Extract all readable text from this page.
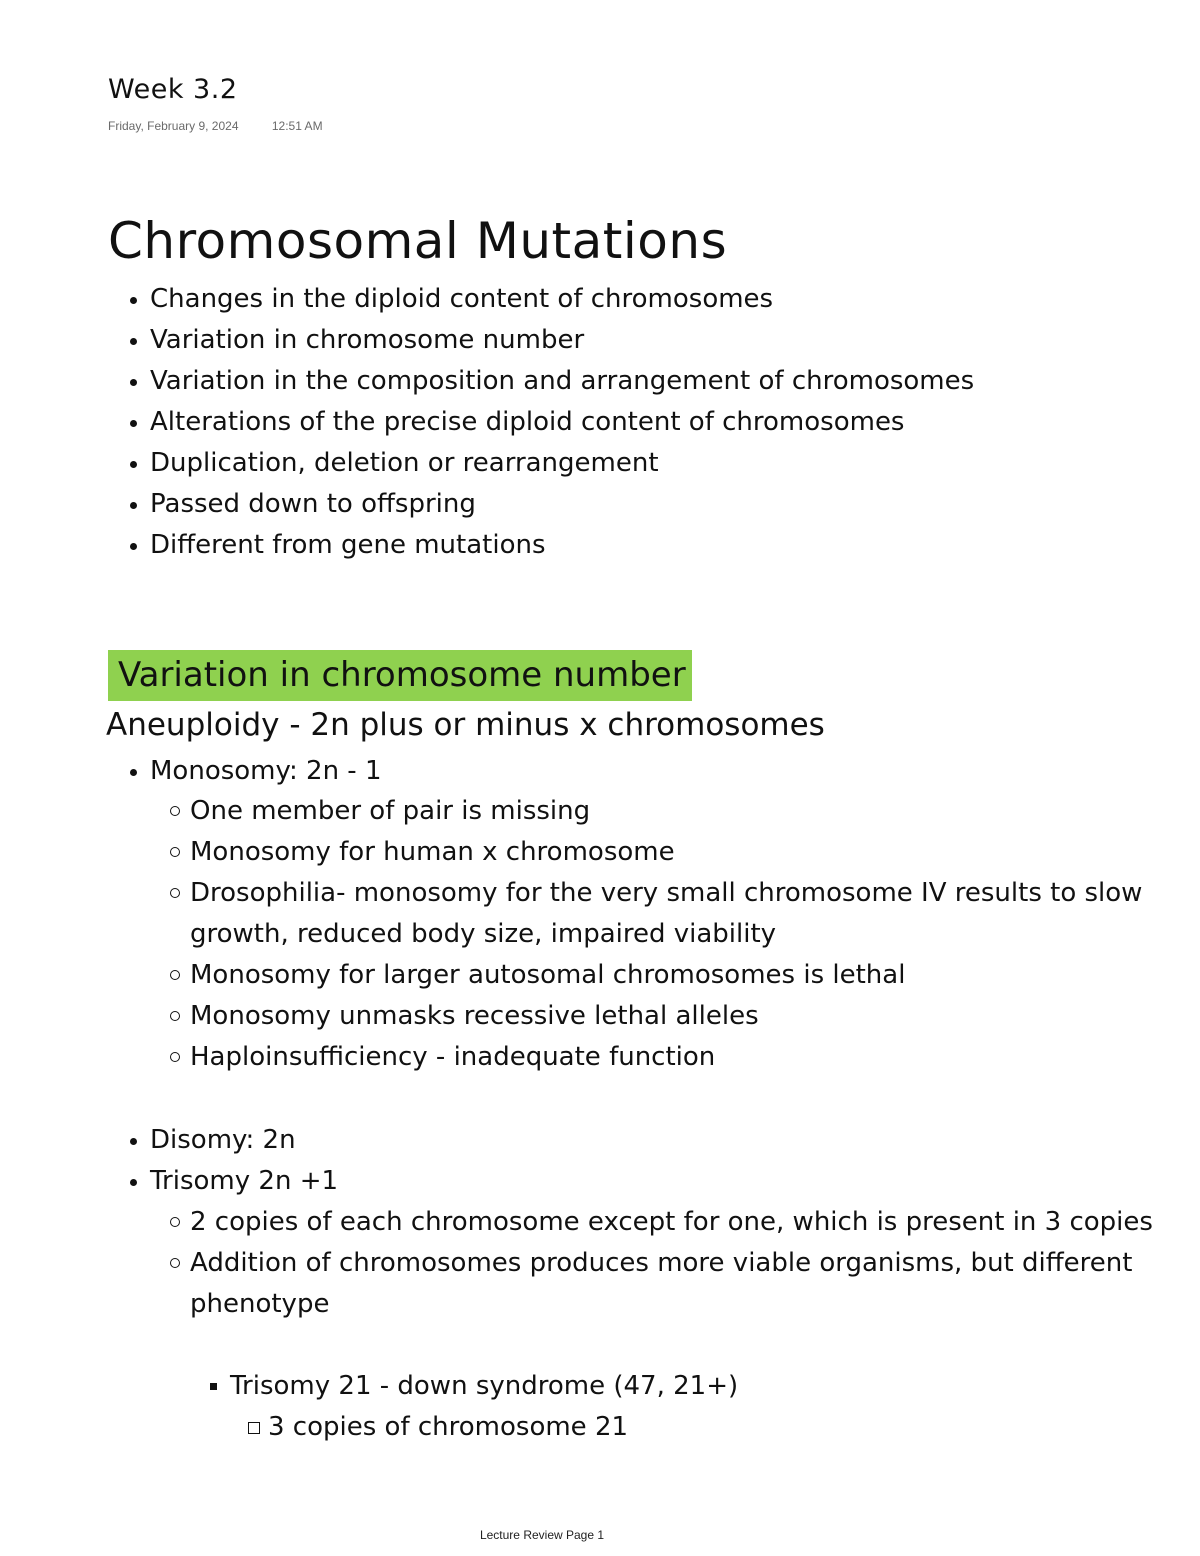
Week 3.2
Friday, February 9, 2024	12:51 AM
Chromosomal Mutations
Changes in the diploid content of chromosomes
Variation in chromosome number
Variation in the composition and arrangement of chromosomes
Alterations of the precise diploid content of chromosomes
Duplication, deletion or rearrangement
Passed down to offspring
Different from gene mutations
Variation in chromosome number
Aneuploidy - 2n plus or minus x chromosomes
Monosomy: 2n - 1
One member of pair is missing
Monosomy for human x chromosome
Drosophilia- monosomy for the very small chromosome IV results to slow growth, reduced body size, impaired viability
Monosomy for larger autosomal chromosomes is lethal
Monosomy unmasks recessive lethal alleles
Haploinsufficiency - inadequate function
Disomy: 2n
Trisomy 2n +1
2 copies of each chromosome except for one, which is present in 3 copies
Addition of chromosomes produces more viable organisms, but different phenotype
Trisomy 21 - down syndrome (47, 21+)
3 copies of chromosome 21
Lecture Review Page 1
